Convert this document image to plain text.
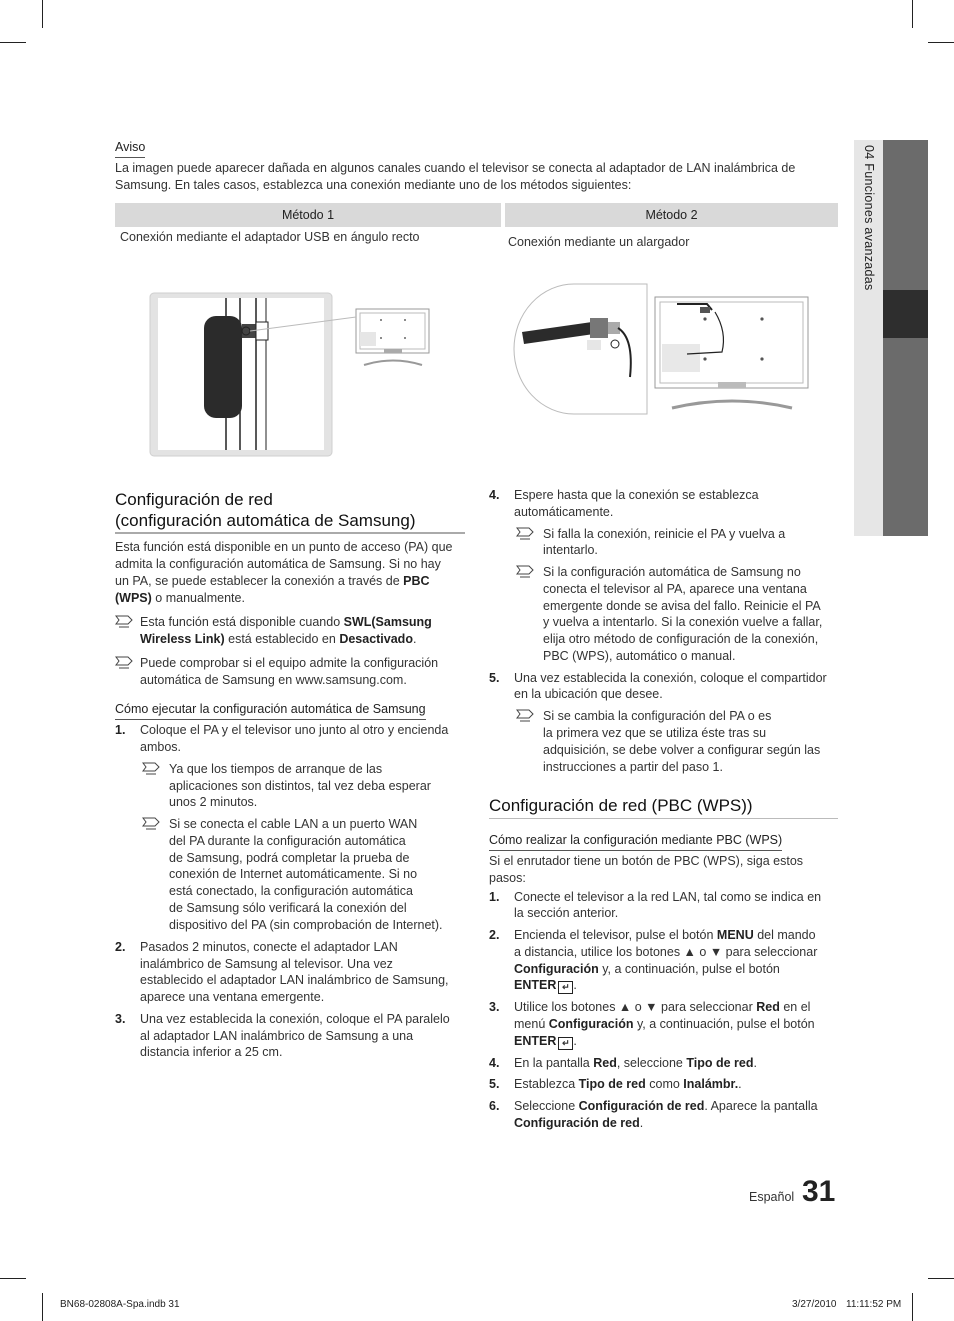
04 Funciones avanzadas
Aviso
La imagen puede aparecer dañada en algunos canales cuando el televisor se conecta al adaptador de LAN inalámbrica de Samsung. En tales casos, establezca una conexión mediante uno de los métodos siguientes:
Método 1	Método 2
Conexión mediante el adaptador USB en ángulo recto	Conexión mediante un alargador
Configuración de red
(configuración automática de Samsung)
Esta función está disponible en un punto de acceso (PA) que
admita la configuración automática de Samsung. Si no hay
un PA, se puede establecer la conexión a través de PBC
(WPS) o manualmente.
Esta función está disponible cuando SWL(Samsung
Wireless Link) está establecido en Desactivado.
Puede comprobar si el equipo admite la configuración
automática de Samsung en www.samsung.com.
Cómo ejecutar la configuración automática de Samsung
1. Coloque el PA y el televisor uno junto al otro y encienda
ambos.
Ya que los tiempos de arranque de las
aplicaciones son distintos, tal vez deba esperar
unos 2 minutos.
Si se conecta el cable LAN a un puerto WAN
del PA durante la configuración automática
de Samsung, podrá completar la prueba de
conexión de Internet automáticamente. Si no
está conectado, la configuración automática
de Samsung sólo verificará la conexión del
dispositivo del PA (sin comprobación de Internet).
2. Pasados 2 minutos, conecte el adaptador LAN
inalámbrico de Samsung al televisor. Una vez
establecido el adaptador LAN inalámbrico de Samsung,
aparece una ventana emergente.
3. Una vez establecida la conexión, coloque el PA paralelo
al adaptador LAN inalámbrico de Samsung a una
distancia inferior a 25 cm.
4. Espere hasta que la conexión se establezca
automáticamente.
Si falla la conexión, reinicie el PA y vuelva a
intentarlo.
Si la configuración automática de Samsung no
conecta el televisor al PA, aparece una ventana
emergente donde se avisa del fallo. Reinicie el PA
y vuelva a intentarlo. Si la conexión vuelve a fallar,
elija otro método de configuración de la conexión,
PBC (WPS), automático o manual.
5. Una vez establecida la conexión, coloque el compartidor
en la ubicación que desee.
Si se cambia la configuración del PA o es
la primera vez que se utiliza éste tras su
adquisición, se debe volver a configurar según las
instrucciones a partir del paso 1.
Configuración de red (PBC (WPS))
Cómo realizar la configuración mediante PBC (WPS)
Si el enrutador tiene un botón de PBC (WPS), siga estos
pasos:
1. Conecte el televisor a la red LAN, tal como se indica en
la sección anterior.
2. Encienda el televisor, pulse el botón MENU del mando
a distancia, utilice los botones ▲ o ▼ para seleccionar
Configuración y, a continuación, pulse el botón
ENTER ↵ .
3. Utilice los botones ▲ o ▼ para seleccionar Red en el
menú Configuración y, a continuación, pulse el botón
ENTER ↵ .
4. En la pantalla Red, seleccione Tipo de red.
5. Establezca Tipo de red como Inalámbr..
6. Seleccione Configuración de red. Aparece la pantalla
Configuración de red.
Español 31
BN68-02808A-Spa.indb 31	3/27/2010 11:11:52 PM
